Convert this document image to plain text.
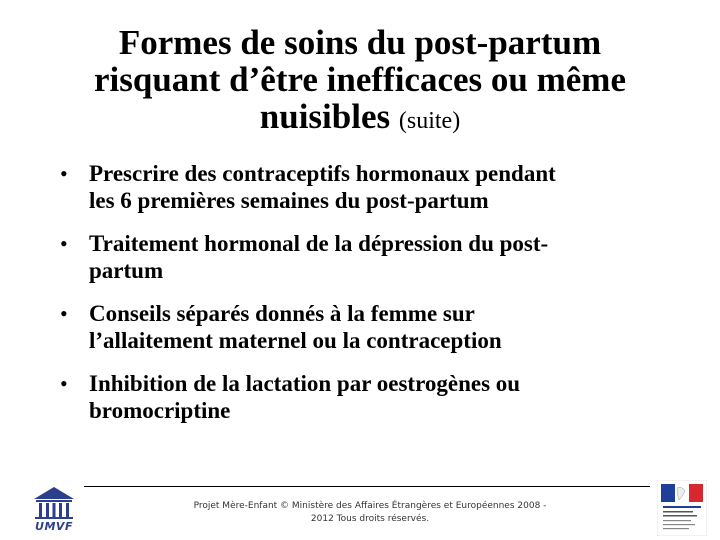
Formes de soins du post-partum
risquant d’être inefficaces ou même
nuisibles (suite)
• Prescrire des contraceptifs hormonaux pendant
les 6 premières semaines du post-partum
• Traitement hormonal de la dépression du post-
partum
• Conseils séparés donnés à la femme sur
l’allaitement maternel ou la contraception
• Inhibition de la lactation par oestrogènes ou
bromocriptine
UMVF
Projet Mère-Enfant © Ministère des Affaires Étrangères et Européennes 2008 -
2012 Tous droits réservés.
